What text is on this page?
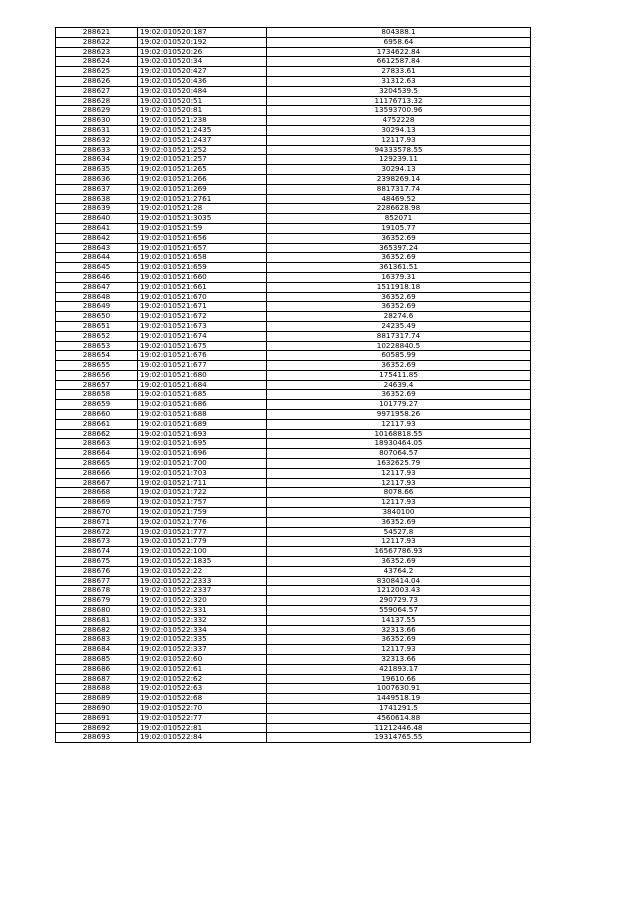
288621	19:02:010520:187	804388.1
288622	19:02:010520:192	6958.64
288623	19:02:010520:26	1734622.84
288624	19:02:010520:34	6612587.84
288625	19:02:010520:427	27833.61
288626	19:02:010520:436	31312.63
288627	19:02:010520:484	3204539.5
288628	19:02:010520:51	11176713.32
288629	19:02:010520:81	13593700.96
288630	19:02:010521:238	4752228
288631	19:02:010521:2435	30294.13
288632	19:02:010521:2437	12117.93
288633	19:02:010521:252	94333578.55
288634	19:02:010521:257	129239.11
288635	19:02:010521:265	30294.13
288636	19:02:010521:266	2398269.14
288637	19:02:010521:269	8817317.74
288638	19:02:010521:2761	48469.52
288639	19:02:010521:28	2286628.98
288640	19:02:010521:3035	852071
288641	19:02:010521:59	19105.77
288642	19:02:010521:656	36352.69
288643	19:02:010521:657	365397.24
288644	19:02:010521:658	36352.69
288645	19:02:010521:659	361361.51
288646	19:02:010521:660	16379.31
288647	19:02:010521:661	1511918.18
288648	19:02:010521:670	36352.69
288649	19:02:010521:671	36352.69
288650	19:02:010521:672	28274.6
288651	19:02:010521:673	24235.49
288652	19:02:010521:674	8817317.74
288653	19:02:010521:675	10228840.5
288654	19:02:010521:676	60585.99
288655	19:02:010521:677	36352.69
288656	19:02:010521:680	175411.85
288657	19:02:010521:684	24639.4
288658	19:02:010521:685	36352.69
288659	19:02:010521:686	101779.27
288660	19:02:010521:688	9971958.26
288661	19:02:010521:689	12117.93
288662	19:02:010521:693	10168818.55
288663	19:02:010521:695	18930464.05
288664	19:02:010521:696	807064.57
288665	19:02:010521:700	1632625.79
288666	19:02:010521:703	12117.93
288667	19:02:010521:711	12117.93
288668	19:02:010521:722	8078.66
288669	19:02:010521:757	12117.93
288670	19:02:010521:759	3840100
288671	19:02:010521:776	36352.69
288672	19:02:010521:777	54527.8
288673	19:02:010521:779	12117.93
288674	19:02:010522:100	16567786.93
288675	19:02:010522:1835	36352.69
288676	19:02:010522:22	43764.2
288677	19:02:010522:2333	8308414.04
288678	19:02:010522:2337	1212003.43
288679	19:02:010522:320	290729.73
288680	19:02:010522:331	559064.57
288681	19:02:010522:332	14137.55
288682	19:02:010522:334	32313.66
288683	19:02:010522:335	36352.69
288684	19:02:010522:337	12117.93
288685	19:02:010522:60	32313.66
288686	19:02:010522:61	421893.17
288687	19:02:010522:62	19610.66
288688	19:02:010522:63	1007630.91
288689	19:02:010522:68	1449518.19
288690	19:02:010522:70	1741291.5
288691	19:02:010522:77	4560614.88
288692	19:02:010522:81	11212446.48
288693	19:02:010522:84	19314765.55
